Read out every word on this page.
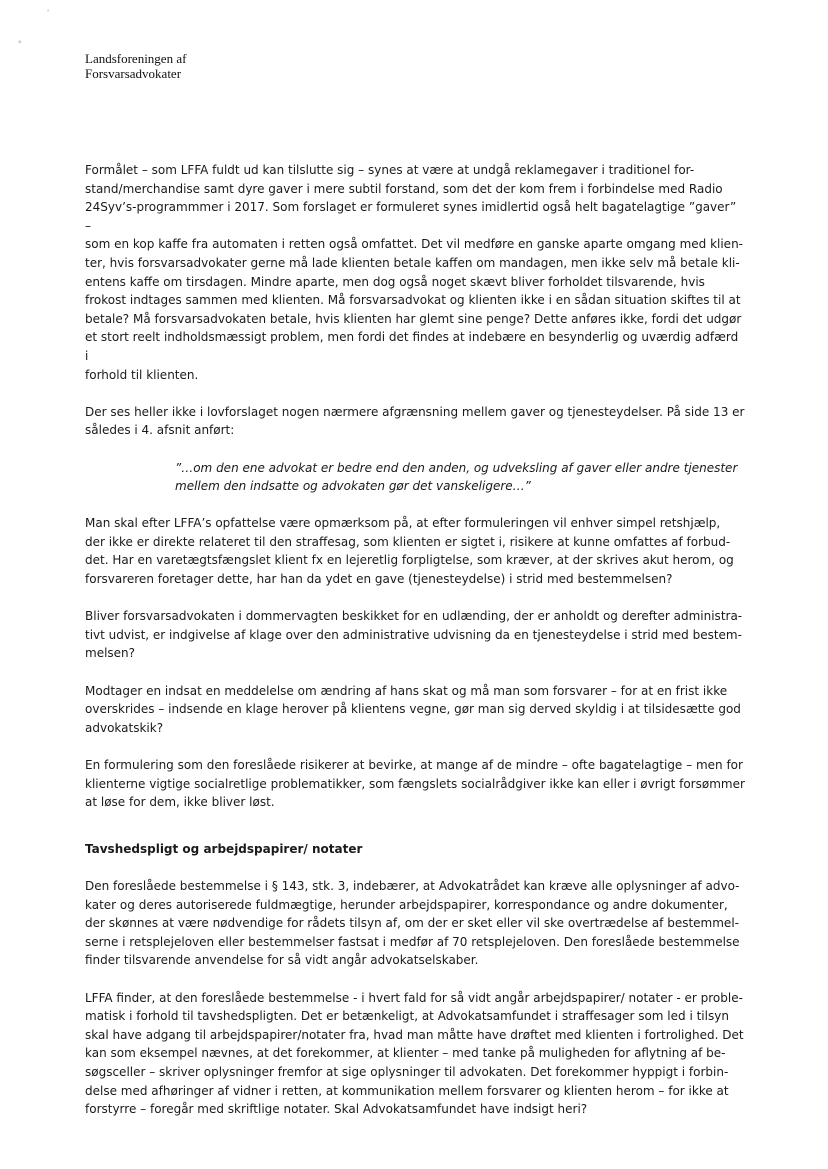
’
°
Landsforeningen af
Forsvarsadvokater

Formålet – som LFFA fuldt ud kan tilslutte sig – synes at være at undgå reklamegaver i traditionel for-
stand/merchandise samt dyre gaver i mere subtil forstand, som det der kom frem i forbindelse med Radio
24Syv’s-programmmer i 2017. Som forslaget er formuleret synes imidlertid også helt bagatelagtige ”gaver” –
som en kop kaffe fra automaten i retten også omfattet. Det vil medføre en ganske aparte omgang med klien-
ter, hvis forsvarsadvokater gerne må lade klienten betale kaffen om mandagen, men ikke selv må betale kli-
entens kaffe om tirsdagen. Mindre aparte, men dog også noget skævt bliver forholdet tilsvarende, hvis
frokost indtages sammen med klienten. Må forsvarsadvokat og klienten ikke i en sådan situation skiftes til at
betale? Må forsvarsadvokaten betale, hvis klienten har glemt sine penge? Dette anføres ikke, fordi det udgør
et stort reelt indholdsmæssigt problem, men fordi det findes at indebære en besynderlig og uværdig adfærd i
forhold til klienten.

Der ses heller ikke i lovforslaget nogen nærmere afgrænsning mellem gaver og tjenesteydelser. På side 13 er
således i 4. afsnit anført:

”…om den ene advokat er bedre end den anden, og udveksling af gaver eller andre tjenester
mellem den indsatte og advokaten gør det vanskeligere…”

Man skal efter LFFA’s opfattelse være opmærksom på, at efter formuleringen vil enhver simpel retshjælp,
der ikke er direkte relateret til den straffesag, som klienten er sigtet i, risikere at kunne omfattes af forbud-
det. Har en varetægtsfængslet klient fx en lejeretlig forpligtelse, som kræver, at der skrives akut herom, og
forsvareren foretager dette, har han da ydet en gave (tjenesteydelse) i strid med bestemmelsen?

Bliver forsvarsadvokaten i dommervagten beskikket for en udlænding, der er anholdt og derefter administra-
tivt udvist, er indgivelse af klage over den administrative udvisning da en tjenesteydelse i strid med bestem-
melsen?

Modtager en indsat en meddelelse om ændring af hans skat og må man som forsvarer – for at en frist ikke
overskrides – indsende en klage herover på klientens vegne, gør man sig derved skyldig i at tilsidesætte god
advokatskik?

En formulering som den foreslåede risikerer at bevirke, at mange af de mindre – ofte bagatelagtige – men for
klienterne vigtige socialretlige problematikker, som fængslets socialrådgiver ikke kan eller i øvrigt forsømmer
at løse for dem, ikke bliver løst.

Tavshedspligt og arbejdspapirer/ notater

Den foreslåede bestemmelse i § 143, stk. 3, indebærer, at Advokatrådet kan kræve alle oplysninger af advo-
kater og deres autoriserede fuldmægtige, herunder arbejdspapirer, korrespondance og andre dokumenter,
der skønnes at være nødvendige for rådets tilsyn af, om der er sket eller vil ske overtrædelse af bestemmel-
serne i retsplejeloven eller bestemmelser fastsat i medfør af 70 retsplejeloven. Den foreslåede bestemmelse
finder tilsvarende anvendelse for så vidt angår advokatselskaber.

LFFA finder, at den foreslåede bestemmelse - i hvert fald for så vidt angår arbejdspapirer/ notater - er proble-
matisk i forhold til tavshedspligten. Det er betænkeligt, at Advokatsamfundet i straffesager som led i tilsyn
skal have adgang til arbejdspapirer/notater fra, hvad man måtte have drøftet med klienten i fortrolighed. Det
kan som eksempel nævnes, at det forekommer, at klienter – med tanke på muligheden for aflytning af be-
søgsceller – skriver oplysninger fremfor at sige oplysninger til advokaten. Det forekommer hyppigt i forbin-
delse med afhøringer af vidner i retten, at kommunikation mellem forsvarer og klienten herom – for ikke at
forstyrre – foregår med skriftlige notater. Skal Advokatsamfundet have indsigt heri?
